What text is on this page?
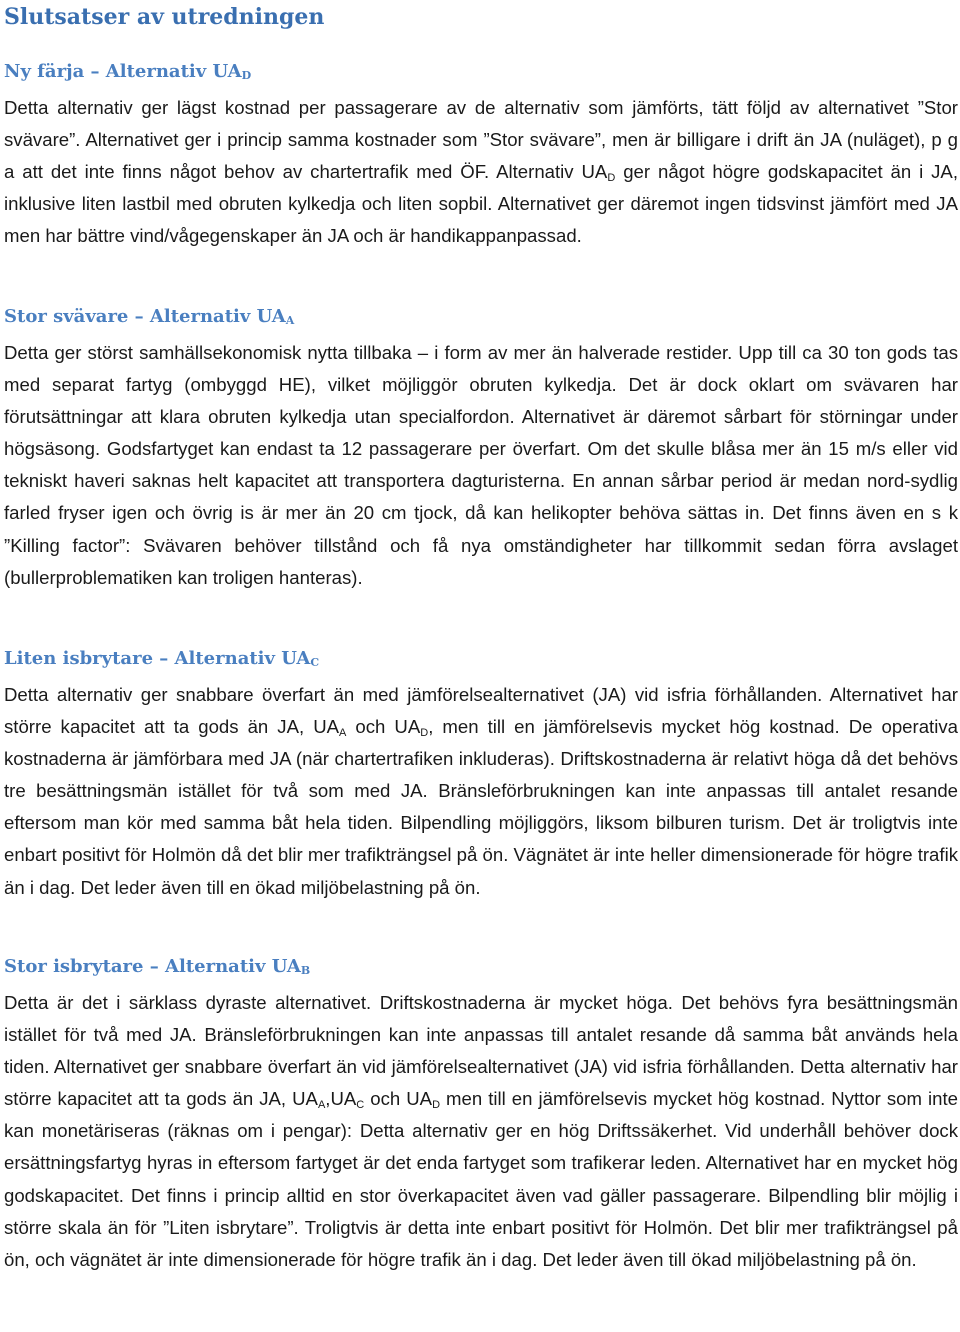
Slutsatser av utredningen
Ny färja – Alternativ UAD

Detta alternativ ger lägst kostnad per passagerare av de alternativ som jämförts, tätt följd av alternativet ”Stor svävare”. Alternativet ger i princip samma kostnader som ”Stor svävare”, men är billigare i drift än JA (nuläget), p g a att det inte finns något behov av chartertrafik med ÖF. Alternativ $UA_D$ ger något högre godskapacitet än i JA, inklusive liten lastbil med obruten kylkedja och liten sopbil. Alternativet ger däremot ingen tidsvinst jämfört med JA men har bättre vind/vågegenskaper än JA och är handikappanpassad.

Stor svävare – Alternativ UAA

Detta ger störst samhällsekonomisk nytta tillbaka – i form av mer än halverade restider. Upp till ca 30 ton gods tas med separat fartyg (ombyggd HE), vilket möjliggör obruten kylkedja. Det är dock oklart om svävaren har förutsättningar att klara obruten kylkedja utan specialfordon. Alternativet är däremot sårbart för störningar under högsäsong. Godsfartyget kan endast ta 12 passagerare per överfart. Om det skulle blåsa mer än 15 m/s eller vid tekniskt haveri saknas helt kapacitet att transportera dagturisterna. En annan sårbar period är medan nord-sydlig farled fryser igen och övrig is är mer än 20 cm tjock, då kan helikopter behöva sättas in. Det finns även en s k ”Killing factor”: Svävaren behöver tillstånd och få nya omständigheter har tillkommit sedan förra avslaget (bullerproblematiken kan troligen hanteras).

Liten isbrytare – Alternativ UAC

Detta alternativ ger snabbare överfart än med jämförelsealternativet (JA) vid isfria förhållanden. Alternativet har större kapacitet att ta gods än JA, $UA_A$ och $UA_D$, men till en jämförelsevis mycket hög kostnad. De operativa kostnaderna är jämförbara med JA (när chartertrafiken inkluderas). Driftskostnaderna är relativt höga då det behövs tre besättningsmän istället för två som med JA. Bränsleförbrukningen kan inte anpassas till antalet resande eftersom man kör med samma båt hela tiden. Bilpendling möjliggörs, liksom bilburen turism. Det är troligtvis inte enbart positivt för Holmön då det blir mer trafikträngsel på ön. Vägnätet är inte heller dimensionerade för högre trafik än i dag. Det leder även till en ökad miljöbelastning på ön.

Stor isbrytare – Alternativ UAB

Detta är det i särklass dyraste alternativet. Driftskostnaderna är mycket höga. Det behövs fyra besättningsmän istället för två med JA. Bränsleförbrukningen kan inte anpassas till antalet resande då samma båt används hela tiden. Alternativet ger snabbare överfart än vid jämförelsealternativet (JA) vid isfria förhållanden. Detta alternativ har större kapacitet att ta gods än JA, $UA_A,UA_C$ och $UA_D$ men till en jämförelsevis mycket hög kostnad. Nyttor som inte kan monetäriseras (räknas om i pengar): Detta alternativ ger en hög Driftssäkerhet. Vid underhåll behöver dock ersättningsfartyg hyras in eftersom fartyget är det enda fartyget som trafikerar leden. Alternativet har en mycket hög godskapacitet. Det finns i princip alltid en stor överkapacitet även vad gäller passagerare. Bilpendling blir möjlig i större skala än för ”Liten isbrytare”. Troligtvis är detta inte enbart positivt för Holmön. Det blir mer trafikträngsel på ön, och vägnätet är inte dimensionerade för högre trafik än i dag. Det leder även till ökad miljöbelastning på ön.
